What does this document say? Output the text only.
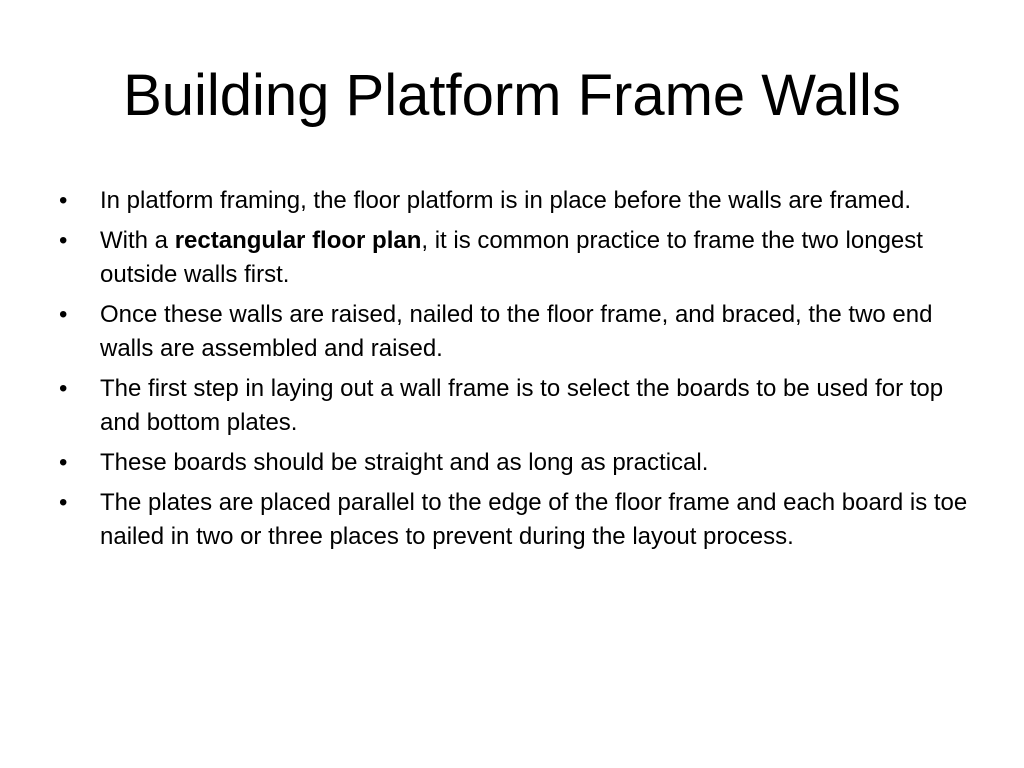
Building Platform Frame Walls
•	In platform framing, the floor platform is in place before the walls are framed.
•	With a rectangular floor plan, it is common practice to frame the two longest outside walls first.
•	Once these walls are raised, nailed to the floor frame, and braced, the two end walls are assembled and raised.
•	The first step in laying out a wall frame is to select the boards to be used for top and bottom plates.
•	These boards should be straight and as long as practical.
•	The plates are placed parallel to the edge of the floor frame and each board is toe nailed in two or three places to prevent during the layout process.
